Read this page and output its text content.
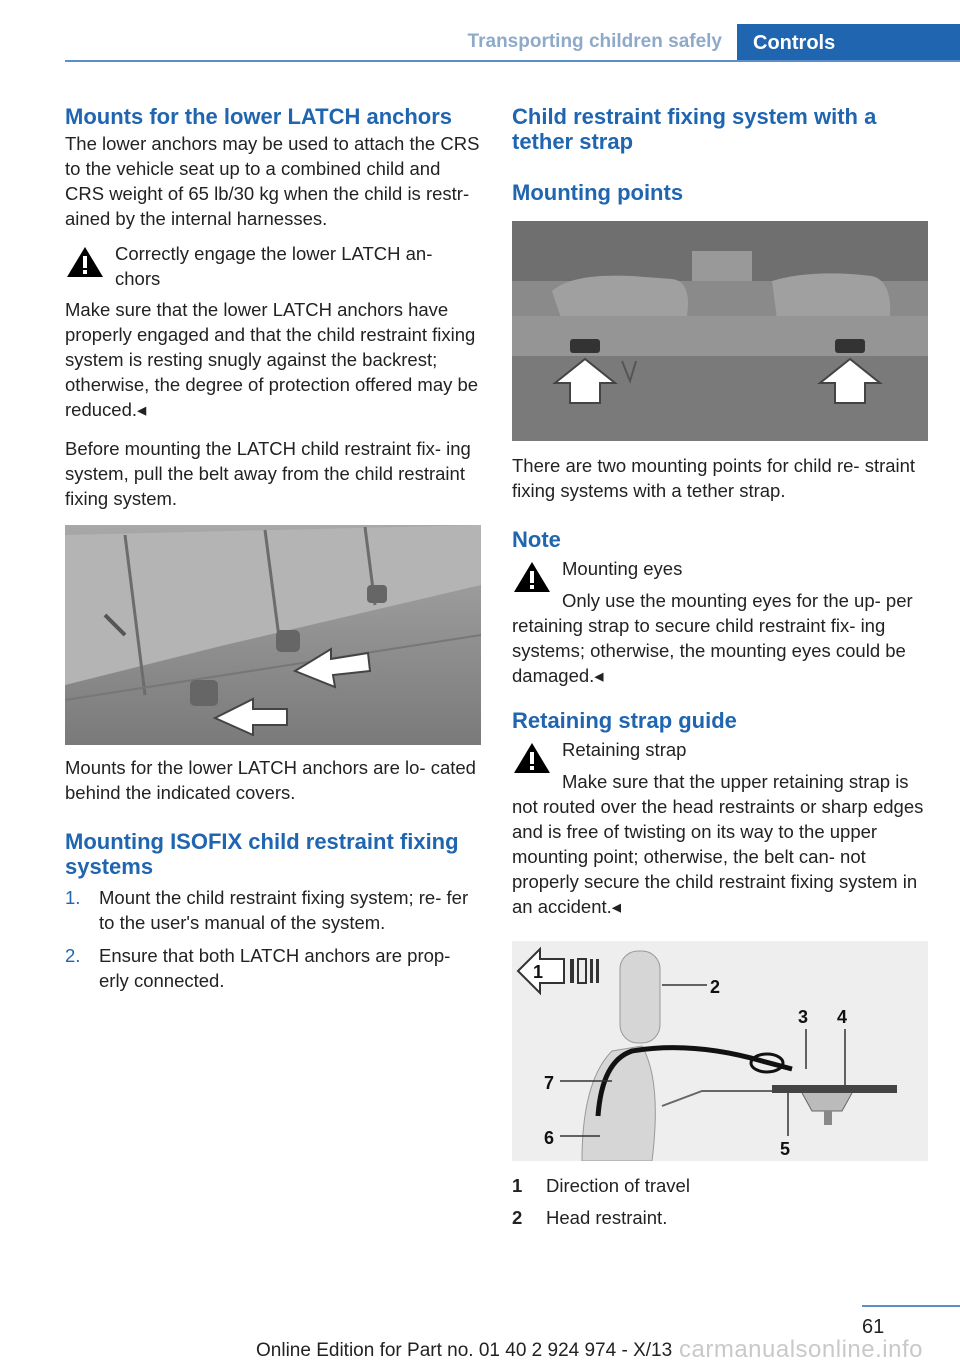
Transporting children safely Controls
Mounts for the lower LATCH anchors

The lower anchors may be used to attach the CRS to the vehicle seat up to a combined child and CRS weight of 65 lb/30 kg when the child is restr- ained by the internal harnesses.

Correctly engage the lower LATCH an- chors

Make sure that the lower LATCH anchors have properly engaged and that the child restraint fixing system is resting snugly against the backrest; otherwise, the degree of protection offered may be reduced.◂

Before mounting the LATCH child restraint fix- ing system, pull the belt away from the child restraint fixing system.

Mounts for the lower LATCH anchors are lo- cated behind the indicated covers.

Mounting ISOFIX child restraint fixing systems
1. Mount the child restraint fixing system; re- fer to the user's manual of the system.
2. Ensure that both LATCH anchors are prop- erly connected.
Child restraint fixing system with a tether strap
Mounting points

There are two mounting points for child re- straint fixing systems with a tether strap.

Note
Mounting eyes

Only use the mounting eyes for the up- per retaining strap to secure child restraint fix- ing systems; otherwise, the mounting eyes could be damaged.◂

Retaining strap guide
Retaining strap

Make sure that the upper retaining strap is not routed over the head restraints or sharp edges and is free of twisting on its way to the upper mounting point; otherwise, the belt can- not properly secure the child restraint fixing system in an accident.◂

1
2
3 4
5
6
7
1 Direction of travel
2 Head restraint.
61
Online Edition for Part no. 01 40 2 924 974 - X/13 carmanualsonline.info
